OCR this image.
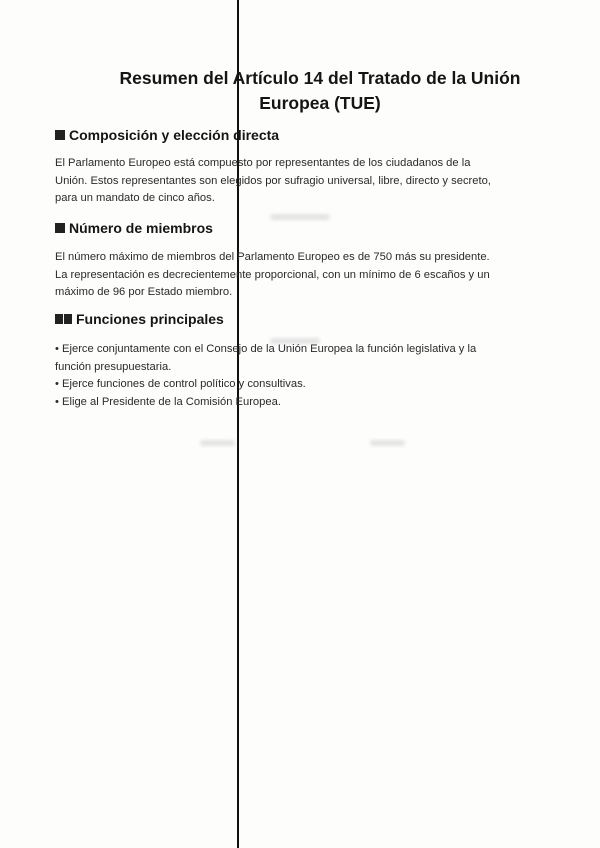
Resumen del Artículo 14 del Tratado de la Unión
Europea (TUE)
Composición y elección directa
El Parlamento Europeo está compuesto por representantes de los ciudadanos de la
Unión. Estos representantes son elegidos por sufragio universal, libre, directo y secreto,
para un mandato de cinco años.
Número de miembros
El número máximo de miembros del Parlamento Europeo es de 750 más su presidente.
La representación es decrecientemente proporcional, con un mínimo de 6 escaños y un
máximo de 96 por Estado miembro.
Funciones principales
• Ejerce conjuntamente con el Consejo de la Unión Europea la función legislativa y la
función presupuestaria.
• Ejerce funciones de control político y consultivas.
• Elige al Presidente de la Comisión Europea.
